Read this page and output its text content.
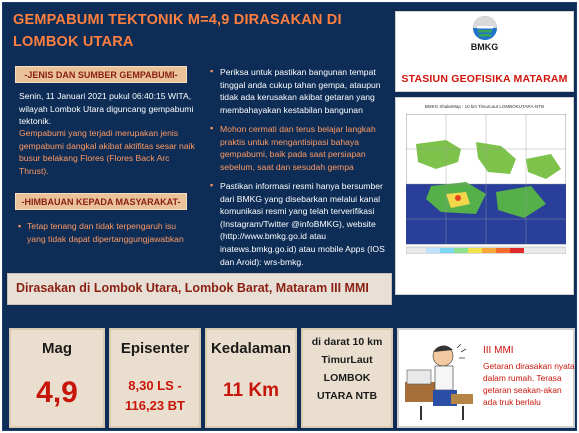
GEMPABUMI TEKTONIK M=4,9 DIRASAKAN DI LOMBOK UTARA
-JENIS DAN SUMBER GEMPABUMI-
Senin, 11 Januari 2021 pukul 06:40:15 WITA, wilayah Lombok Utara diguncang gempabumi tektonik.
Gempabumi yang terjadi merupakan jenis gempabumi dangkal akibat aktifitas sesar naik busur belakang Flores (Flores Back Arc Thrust).
-HIMBAUAN KEPADA MASYARAKAT-
▪ Tetap tenang dan tidak terpengaruh isu yang tidak dapat dipertanggungjawabkan
▪ Periksa untuk pastikan bangunan tempat tinggal anda cukup tahan gempa, ataupun tidak ada kerusakan akibat getaran yang membahayakan kestabilan bangunan
▪ Mohon cermati dan terus belajar langkah praktis untuk mengantisipasi bahaya gempabumi, baik pada saat persiapan sebelum, saat dan sesudah gempa
▪ Pastikan informasi resmi hanya bersumber dari BMKG yang disebarkan melalui kanal komunikasi resmi yang telah terverifikasi (Instagram/Twitter @infoBMKG), website (http://www.bmkg.go.id atau inatews.bmkg.go.id) atau mobile Apps (IOS dan Aroid): wrs-bmkg.
BMKG
STASIUN GEOFISIKA MATARAM
BMKG ShakeMap : 10 km TimurLaut LOMBOKUTARA-NTB
Dirasakan di Lombok Utara, Lombok Barat, Mataram III MMI
Mag
4,9
Episenter
8,30 LS -
116,23 BT
Kedalaman
11 Km
di darat 10 km
TimurLaut
LOMBOK
UTARA NTB
III MMI
Getaran dirasakan nyata dalam rumah. Terasa getaran seakan-akan ada truk berlalu
